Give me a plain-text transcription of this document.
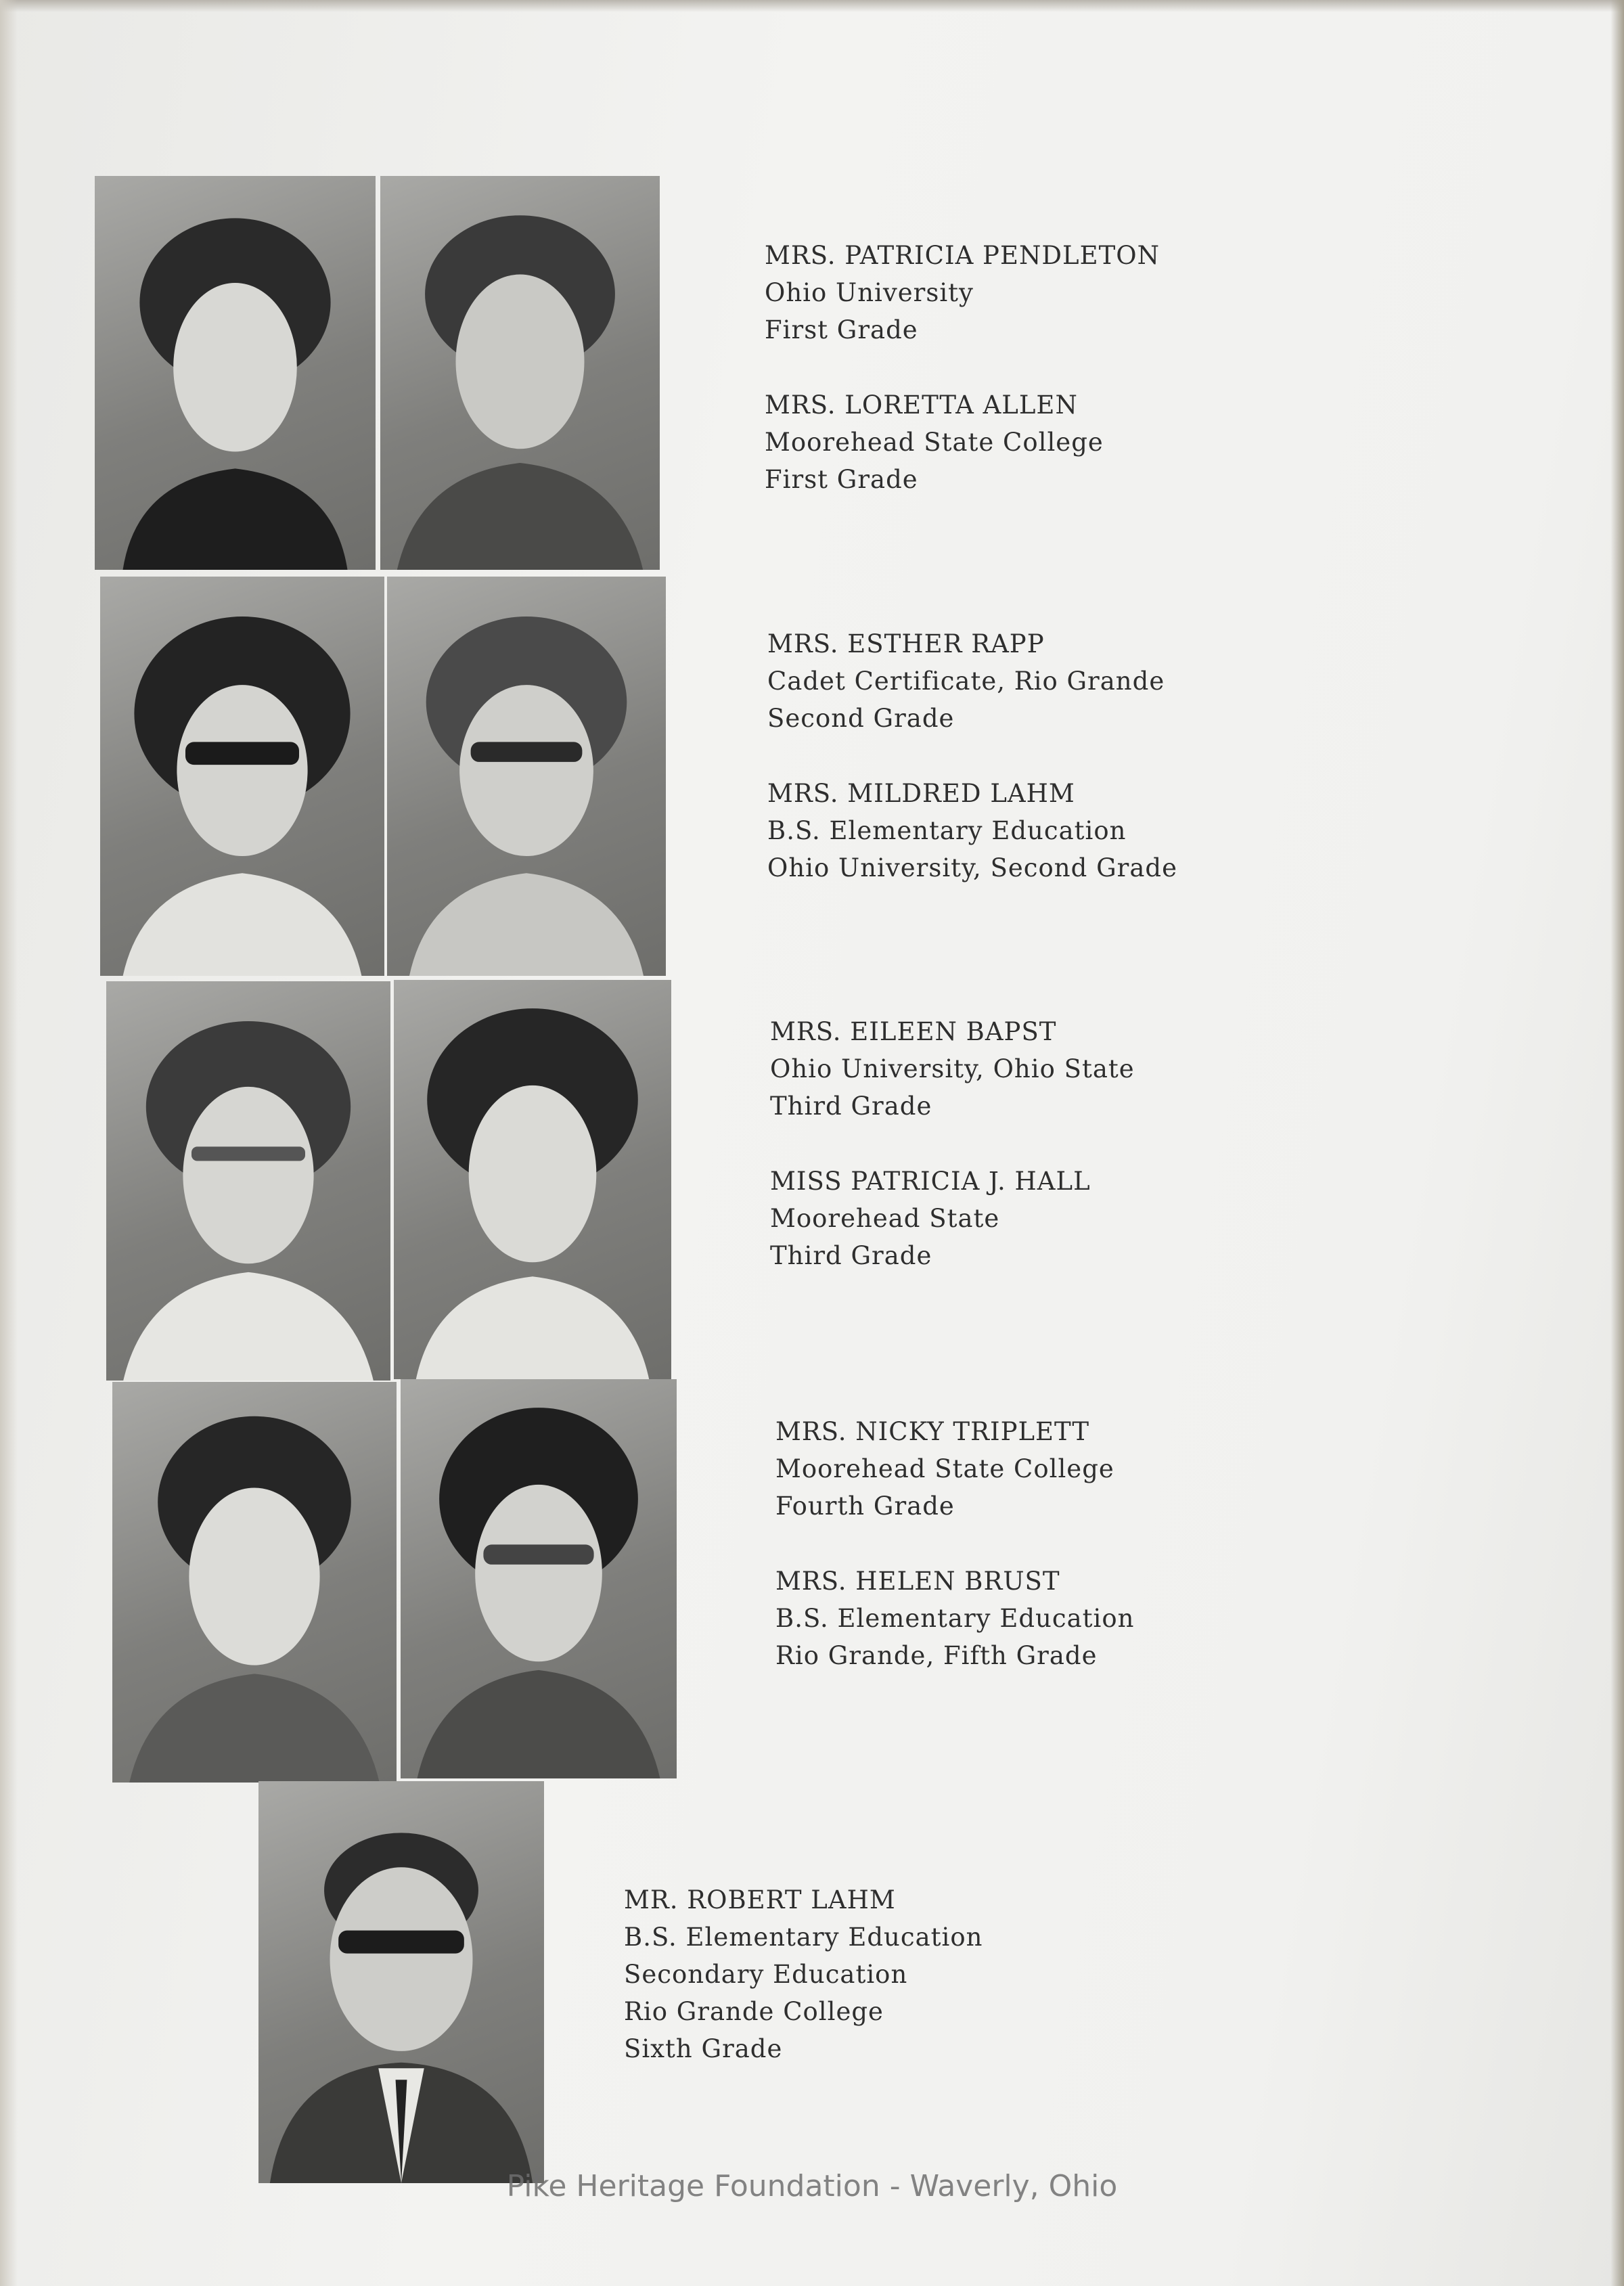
MRS. PATRICIA PENDLETON
Ohio University
First Grade
MRS. LORETTA ALLEN
Moorehead State College
First Grade
MRS. ESTHER RAPP
Cadet Certificate, Rio Grande
Second Grade
MRS. MILDRED LAHM
B.S. Elementary Education
Ohio University, Second Grade
MRS. EILEEN BAPST
Ohio University, Ohio State
Third Grade
MISS PATRICIA J. HALL
Moorehead State
Third Grade
MRS. NICKY TRIPLETT
Moorehead State College
Fourth Grade
MRS. HELEN BRUST
B.S. Elementary Education
Rio Grande, Fifth Grade
MR. ROBERT LAHM
B.S. Elementary Education
Secondary Education
Rio Grande College
Sixth Grade
Pike Heritage Foundation - Waverly, Ohio
